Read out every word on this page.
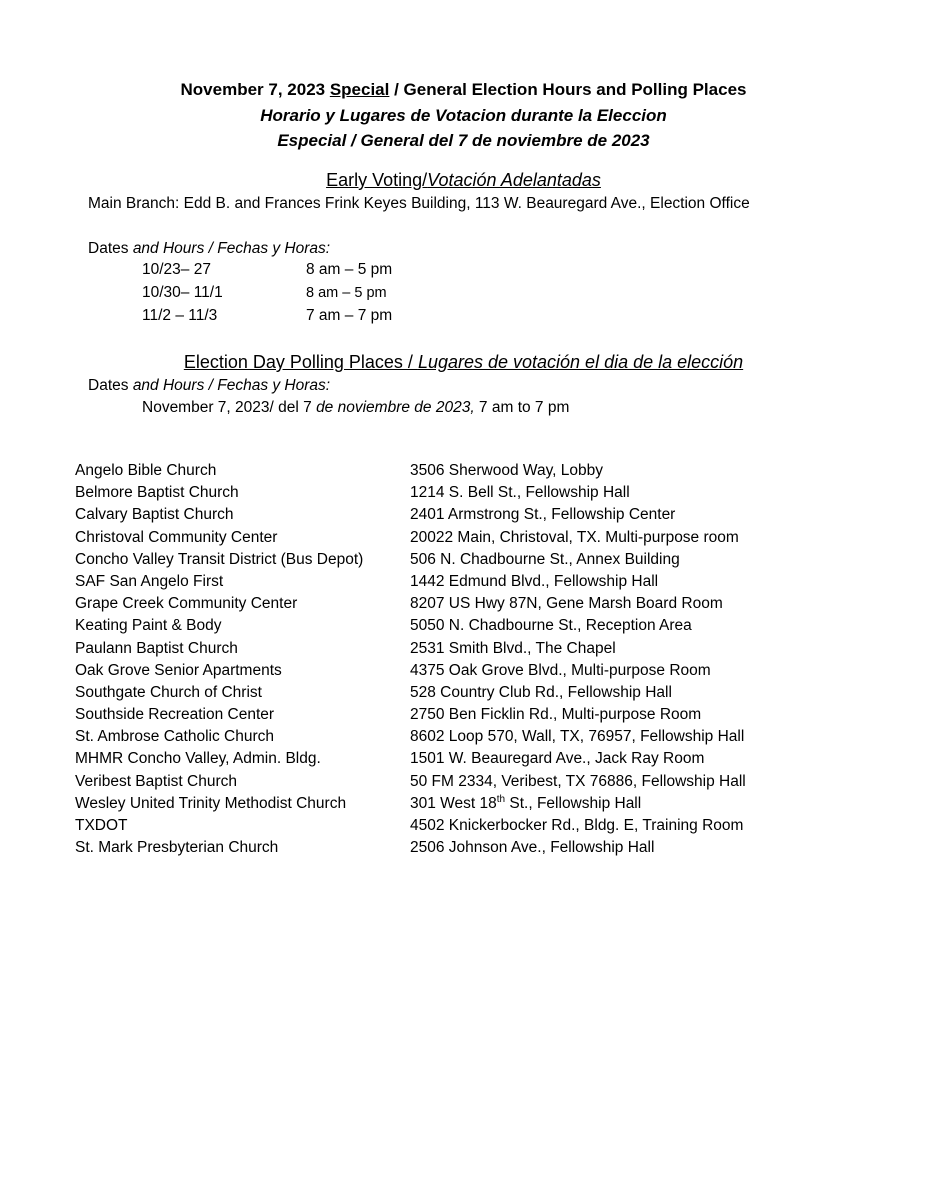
November 7, 2023 Special / General Election Hours and Polling Places
Horario y Lugares de Votacion durante la Eleccion
Especial / General del 7 de noviembre de 2023
Early Voting/Votación Adelantadas
Main Branch: Edd B. and Frances Frink Keyes Building, 113 W. Beauregard Ave., Election Office
Dates and Hours / Fechas y Horas:
10/23– 27	8 am – 5 pm
10/30– 11/1	8 am – 5 pm
11/2 – 11/3	7 am – 7 pm
Election Day Polling Places / Lugares de votación el dia de la elección
Dates and Hours / Fechas y Horas:
November 7, 2023/ del 7 de noviembre de 2023, 7 am to 7 pm
Angelo Bible Church	3506 Sherwood Way, Lobby
Belmore Baptist Church	1214 S. Bell St., Fellowship Hall
Calvary Baptist Church	2401 Armstrong St., Fellowship Center
Christoval Community Center	20022 Main, Christoval, TX. Multi-purpose room
Concho Valley Transit District (Bus Depot)	506 N. Chadbourne St., Annex Building
SAF San Angelo First	1442 Edmund Blvd., Fellowship Hall
Grape Creek Community Center	8207 US Hwy 87N, Gene Marsh Board Room
Keating Paint & Body	5050 N. Chadbourne St., Reception Area
Paulann Baptist Church	2531 Smith Blvd., The Chapel
Oak Grove Senior Apartments	4375 Oak Grove Blvd., Multi-purpose Room
Southgate Church of Christ	528 Country Club Rd., Fellowship Hall
Southside Recreation Center	2750 Ben Ficklin Rd., Multi-purpose Room
St. Ambrose Catholic Church	8602 Loop 570, Wall, TX, 76957, Fellowship Hall
MHMR Concho Valley, Admin. Bldg.	1501 W. Beauregard Ave., Jack Ray Room
Veribest Baptist Church	50 FM 2334, Veribest, TX 76886, Fellowship Hall
Wesley United Trinity Methodist Church	301 West 18th St., Fellowship Hall
TXDOT	4502 Knickerbocker Rd., Bldg. E, Training Room
St. Mark Presbyterian Church	2506 Johnson Ave., Fellowship Hall
